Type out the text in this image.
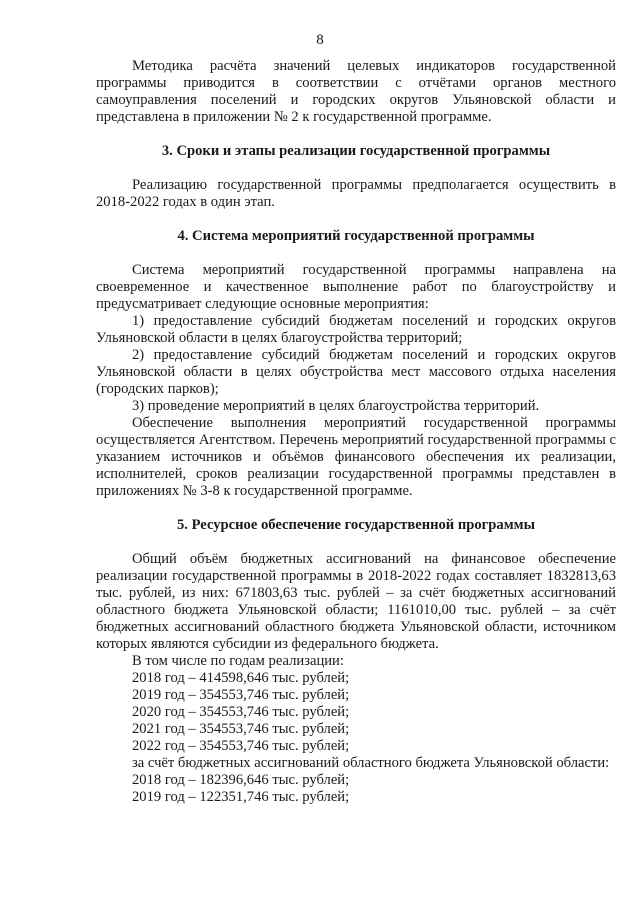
8

Методика расчёта значений целевых индикаторов государственной программы приводится в соответствии с отчётами органов местного самоуправления поселений и городских округов Ульяновской области и представлена в приложении № 2 к государственной программе.

3. Сроки и этапы реализации государственной программы

Реализацию государственной программы предполагается осуществить в 2018-2022 годах в один этап.

4. Система мероприятий государственной программы

Система мероприятий государственной программы направлена на своевременное и качественное выполнение работ по благоустройству и предусматривает следующие основные мероприятия:

1) предоставление субсидий бюджетам поселений и городских округов Ульяновской области в целях благоустройства территорий;

2) предоставление субсидий бюджетам поселений и городских округов Ульяновской области в целях обустройства мест массового отдыха населения (городских парков);

3) проведение мероприятий в целях благоустройства территорий.

Обеспечение выполнения мероприятий государственной программы осуществляется Агентством. Перечень мероприятий государственной программы с указанием источников и объёмов финансового обеспечения их реализации, исполнителей, сроков реализации государственной программы представлен в приложениях № 3-8 к государственной программе.

5. Ресурсное обеспечение государственной программы

Общий объём бюджетных ассигнований на финансовое обеспечение реализации государственной программы в 2018-2022 годах составляет 1832813,63 тыс. рублей, из них: 671803,63 тыс. рублей – за счёт бюджетных ассигнований областного бюджета Ульяновской области; 1161010,00 тыс. рублей – за счёт бюджетных ассигнований областного бюджета Ульяновской области, источником которых являются субсидии из федерального бюджета.

В том числе по годам реализации:

2018 год – 414598,646 тыс. рублей;

2019 год – 354553,746 тыс. рублей;

2020 год – 354553,746 тыс. рублей;

2021 год – 354553,746 тыс. рублей;

2022 год – 354553,746 тыс. рублей;

за счёт бюджетных ассигнований областного бюджета Ульяновской области:

2018 год – 182396,646 тыс. рублей;

2019 год – 122351,746 тыс. рублей;
